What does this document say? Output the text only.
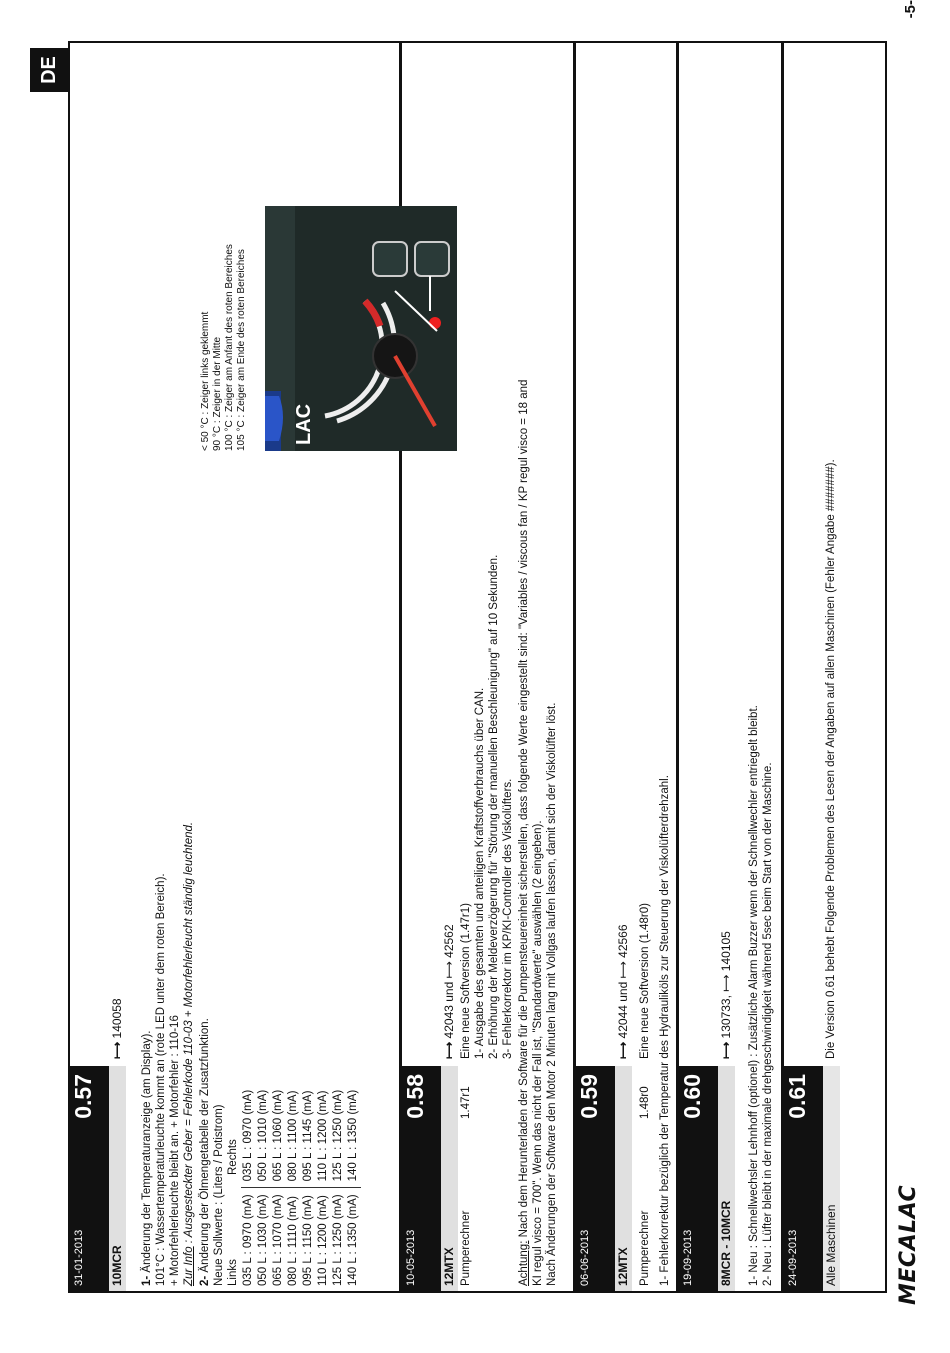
DE
MECALAC
-5-
31-01-2013
0.57
10MCR
⟼ 140058
1- Änderung der Temperaturanzeige (am Display). 101°C : Wassertemperaturleuchte kommt an (rote LED unter dem roten Bereich). + Motorfehlerleuchte bleibt an. + Motorfehler : 110-16 Zur Info : Ausgesteckter Geber = Fehlerkode 110-03 + Motorfehlerleucht ständig leuchtend.
2- Änderung der Ölmengetabelle der Zusatzfunktion. Neue Sollwerte : (Liters / Potistrom) Links
Rechts
035 L : 0970 (mA)	035 L : 0970 (mA)
050 L : 1030 (mA)	050 L : 1010 (mA)
065 L : 1070 (mA)	065 L : 1060 (mA)
080 L : 1110 (mA)	080 L : 1100 (mA)
095 L : 1150 (mA)	095 L : 1145 (mA)
110 L : 1200 (mA)	110 L : 1200 (mA)
125 L : 1250 (mA)	125 L : 1250 (mA)
140 L : 1350 (mA)	140 L : 1350 (mA)
< 50 °C : Zeiger links geklemmt 90 °C : Zeiger in der Mitte 100 °C : Zeiger am Anfant des roten Bereiches 105 °C : Zeiger am Ende des roten Bereiches LAC
10-05-2013
0.58
12MTX
⟼ 42043 und ⟼ 42562
Pumperechner
1.47r1
Eine neue Softversion (1.47r1) 1- Ausgabe des gesamten und anteiligen Kraftstoffverbrauchs über CAN. 2- Erhöhung der Meldeverzögerung für "Störung der manuellen Beschleunigung" auf 10 Sekunden. 3- Fehlerkorrektor im KP/KI-Controller des Viskolüfters.
Achtung: Nach dem Herunterladen der Software für die Pumpensteuereinheit sicherstellen, dass folgende Werte eingestellt sind: "Variables / viscous fan / KP regul visco = 18 and KI regul visco = 700". Wenn das nicht der Fall ist, "Standardwerte" auswählen (2 eingeben). Nach Änderungen der Software den Motor 2 Minuten lang mit Vollgas laufen lassen, damit sich der Viskolüfter löst. 06-06-2013
0.59
12MTX
⟼ 42044 und ⟼ 42566
Pumperechner
1.48r0
Eine neue Softversion (1.48r0) 1- Fehlerkorrektur bezüglich der Temperatur des Hydrauliköls zur Steuerung der Viskolüfterdrehzahl. 19-09-2013
0.60
8MCR - 10MCR
⟼ 130733, ⟼ 140105 1- Neu : Schnellwechsler Lehnhoff (optionel) : Zusätzliche Alarm Buzzer wenn der Schnellwechler entriegelt bleibt. 2- Neu : Lüfter bleibt in der maximale drehgeschwindigkeit während 5sec beim Start von der Maschine. 24-09-2013
0.61
Alle Maschinen
Die Version 0.61 behebt Folgende Problemen des Lesen der Angaben auf allen Maschinen (Fehler Angabe #######).
